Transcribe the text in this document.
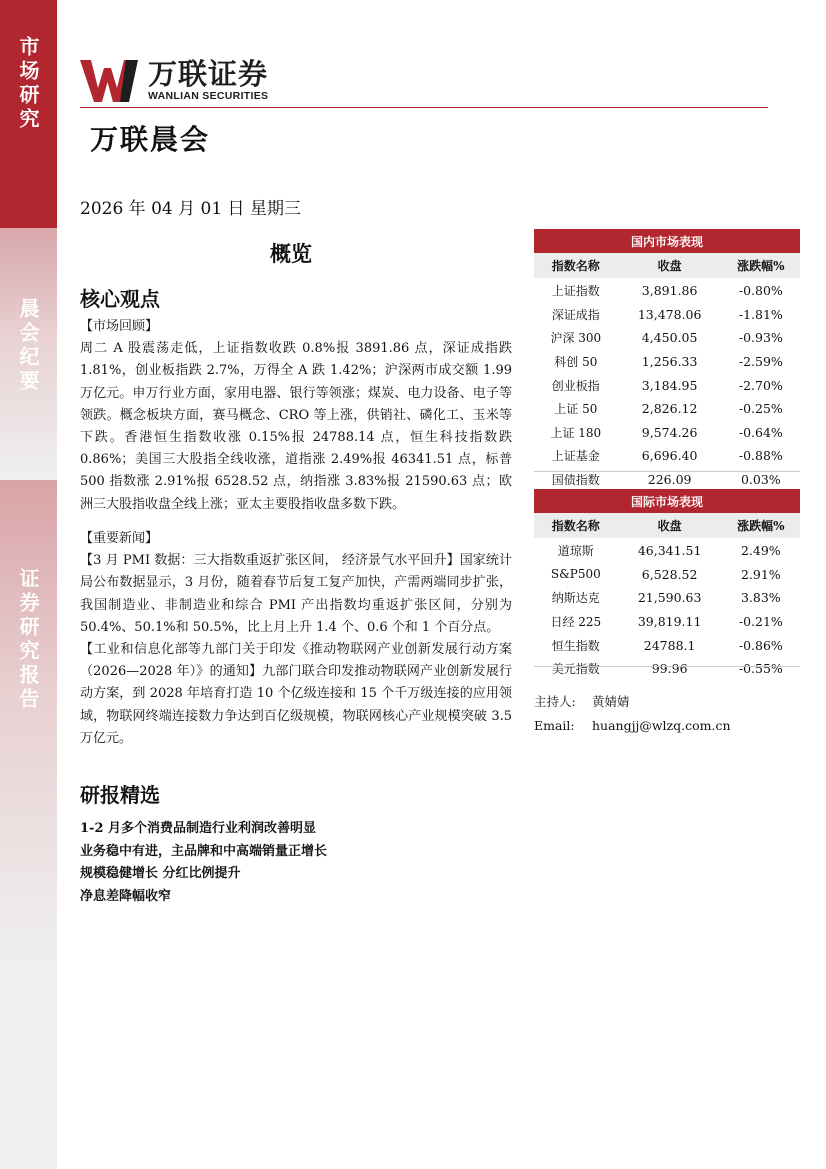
市场研究
晨会纪要
证券研究报告
万联证券
WANLIAN SECURITIES
万联晨会
2026 年 04 月 01 日 星期三
概览
核心观点

【市场回顾】

周二 A 股震荡走低，上证指数收跌 0.8%报 3891.86 点，深证成指跌 1.81%，创业板指跌 2.7%，万得全 A 跌 1.42%；沪深两市成交额 1.99 万亿元。申万行业方面，家用电器、银行等领涨；煤炭、电力设备、电子等领跌。概念板块方面，赛马概念、CRO 等上涨，供销社、磷化工、玉米等下跌。香港恒生指数收涨 0.15%报 24788.14 点，恒生科技指数跌 0.86%；美国三大股指全线收涨，道指涨 2.49%报 46341.51 点，标普 500 指数涨 2.91%报 6528.52 点，纳指涨 3.83%报 21590.63 点；欧洲三大股指收盘全线上涨；亚太主要股指收盘多数下跌。

【重要新闻】

【3 月 PMI 数据：三大指数重返扩张区间， 经济景气水平回升】国家统计局公布数据显示，3 月份，随着春节后复工复产加快，产需两端同步扩张，我国制造业、非制造业和综合 PMI 产出指数均重返扩张区间，分别为 50.4%、50.1%和 50.5%，比上月上升 1.4 个、0.6 个和 1 个百分点。

【工业和信息化部等九部门关于印发《推动物联网产业创新发展行动方案（2026—2028 年）》的通知】九部门联合印发推动物联网产业创新发展行动方案，到 2028 年培育打造 10 个亿级连接和 15 个千万级连接的应用领域，物联网终端连接数力争达到百亿级规模，物联网核心产业规模突破 3.5 万亿元。

研报精选
1-2 月多个消费品制造行业利润改善明显
业务稳中有进，主品牌和中高端销量正增长
规模稳健增长 分红比例提升
净息差降幅收窄
国内市场表现		
指数名称	收盘	涨跌幅%
上证指数	3,891.86	-0.80%
深证成指	13,478.06	-1.81%
沪深 300	4,450.05	-0.93%
科创 50	1,256.33	-2.59%
创业板指	3,184.95	-2.70%
上证 50	2,826.12	-0.25%
上证 180	9,574.26	-0.64%
上证基金	6,696.40	-0.88%
国债指数	226.09	0.03%
国际市场表现		
指数名称	收盘	涨跌幅%
道琼斯	46,341.51	2.49%
S&P500	6,528.52	2.91%
纳斯达克	21,590.63	3.83%
日经 225	39,819.11	-0.21%
恒生指数	24788.1	-0.86%
美元指数	99.96	-0.55%
主持人: 黄婧婧
Email: huangjj@wlzq.com.cn
